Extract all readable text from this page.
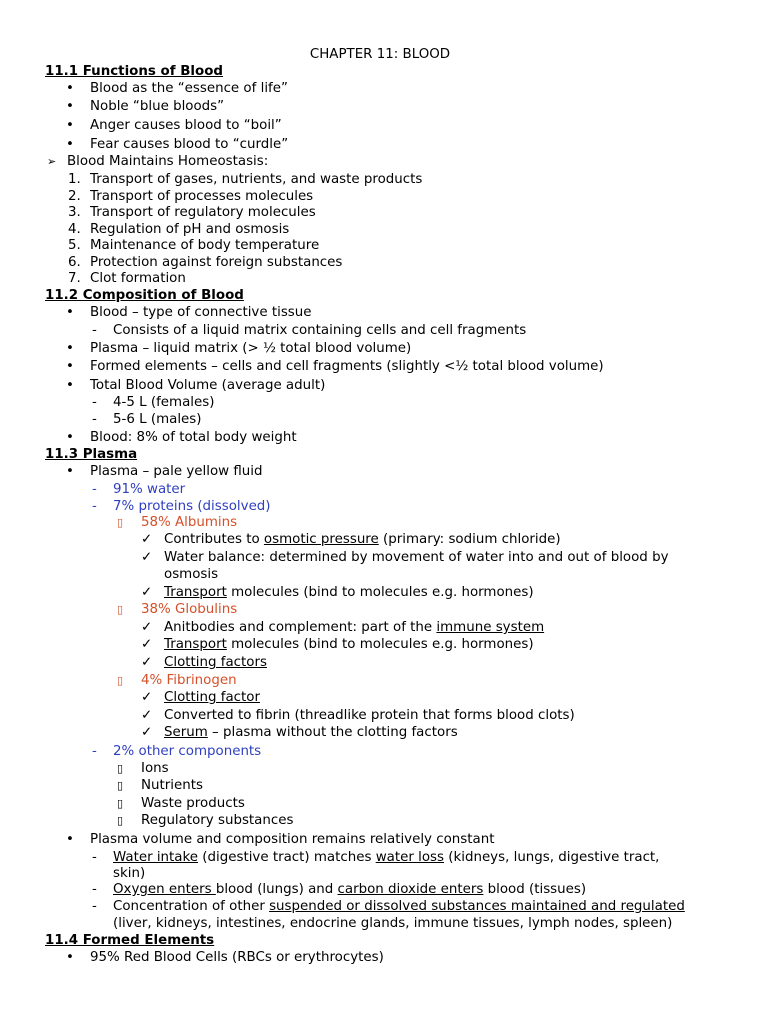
CHAPTER 11: BLOOD
11.1 Functions of Blood
• Blood as the “essence of life”
• Noble “blue bloods”
• Anger causes blood to “boil”
• Fear causes blood to “curdle”
➢ Blood Maintains Homeostasis:
1. Transport of gases, nutrients, and waste products
2. Transport of processes molecules
3. Transport of regulatory molecules
4. Regulation of pH and osmosis
5. Maintenance of body temperature
6. Protection against foreign substances
7. Clot formation
11.2 Composition of Blood
• Blood – type of connective tissue
- Consists of a liquid matrix containing cells and cell fragments
• Plasma – liquid matrix (> ½ total blood volume)
• Formed elements – cells and cell fragments (slightly <½ total blood volume)
• Total Blood Volume (average adult)
- 4-5 L (females)
- 5-6 L (males)
• Blood: 8% of total body weight
11.3 Plasma
• Plasma – pale yellow fluid
- 91% water
- 7% proteins (dissolved)
▯ 58% Albumins
✓ Contributes to osmotic pressure (primary: sodium chloride)
✓ Water balance: determined by movement of water into and out of blood by
osmosis
✓ Transport molecules (bind to molecules e.g. hormones)
▯ 38% Globulins
✓ Anitbodies and complement: part of the immune system
✓ Transport molecules (bind to molecules e.g. hormones)
✓ Clotting factors
▯ 4% Fibrinogen
✓ Clotting factor
✓ Converted to fibrin (threadlike protein that forms blood clots)
✓ Serum – plasma without the clotting factors
- 2% other components
▯ Ions
▯ Nutrients
▯ Waste products
▯ Regulatory substances
• Plasma volume and composition remains relatively constant
- Water intake (digestive tract) matches water loss (kidneys, lungs, digestive tract,
skin)
- Oxygen enters blood (lungs) and carbon dioxide enters blood (tissues)
- Concentration of other suspended or dissolved substances maintained and regulated
(liver, kidneys, intestines, endocrine glands, immune tissues, lymph nodes, spleen)
11.4 Formed Elements
• 95% Red Blood Cells (RBCs or erythrocytes)
